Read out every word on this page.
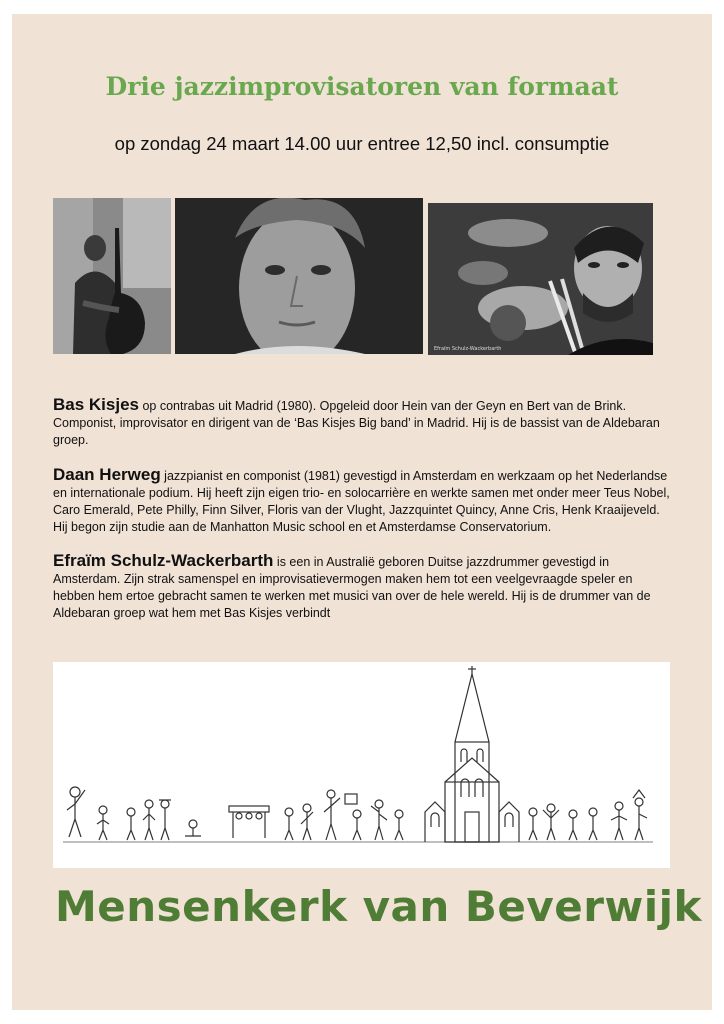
Drie jazzimprovisatoren van formaat
op zondag 24 maart 14.00 uur entree 12,50 incl. consumptie
Efraïm Schulz-Wackerbarth
Bas Kisjes op contrabas uit Madrid (1980). Opgeleid door Hein van der Geyn en Bert van de Brink. Componist, improvisator en dirigent van de ‘Bas Kisjes Big band’ in Madrid. Hij is de bassist van de Aldebaran groep.
Daan Herweg jazzpianist en componist (1981) gevestigd in Amsterdam en werkzaam op het Nederlandse en internationale podium. Hij heeft zijn eigen trio- en solocarrière en werkte samen met onder meer Teus Nobel, Caro Emerald, Pete Philly, Finn Silver, Floris van der Vlught, Jazzquintet Quincy, Anne Cris, Henk Kraaijeveld. Hij begon zijn studie aan de Manhatton Music school en et Amsterdamse Conservatorium.
Efraïm Schulz-Wackerbarth is een in Australië geboren Duitse jazzdrummer gevestigd in Amsterdam. Zijn strak samenspel en improvisatievermogen maken hem tot een veelgevraagde speler en hebben hem ertoe gebracht samen te werken met musici van over de hele wereld. Hij is de drummer van de Aldebaran groep wat hem met Bas Kisjes verbindt
Mensenkerk van Beverwijk
